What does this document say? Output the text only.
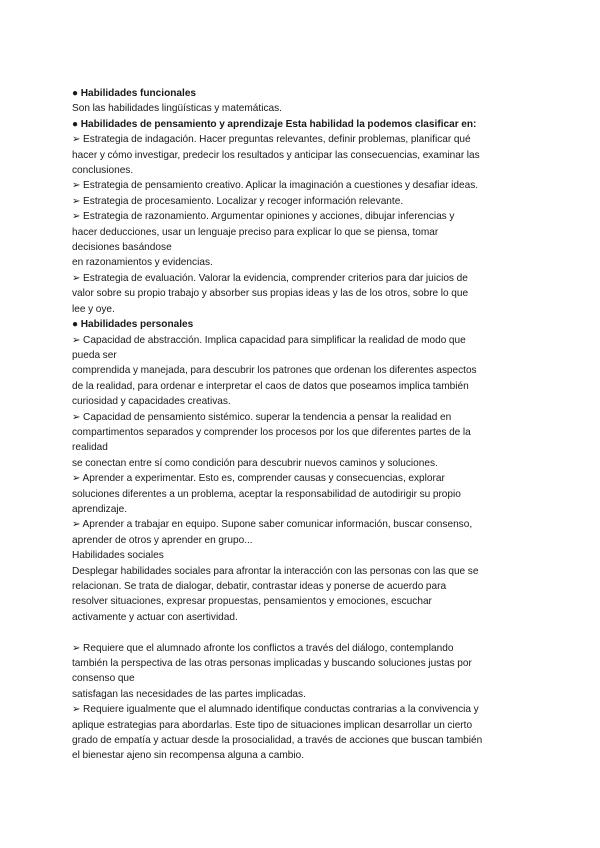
● Habilidades funcionales
Son las habilidades lingüísticas y matemáticas.
● Habilidades de pensamiento y aprendizaje Esta habilidad la podemos clasificar en:
➢ Estrategia de indagación. Hacer preguntas relevantes, definir problemas, planificar qué
hacer y cómo investigar, predecir los resultados y anticipar las consecuencias, examinar las
conclusiones.
➢ Estrategia de pensamiento creativo. Aplicar la imaginación a cuestiones y desafiar ideas.
➢ Estrategia de procesamiento. Localizar y recoger información relevante.
➢ Estrategia de razonamiento. Argumentar opiniones y acciones, dibujar inferencias y
hacer deducciones, usar un lenguaje preciso para explicar lo que se piensa, tomar
decisiones basándose
en razonamientos y evidencias.
➢ Estrategia de evaluación. Valorar la evidencia, comprender criterios para dar juicios de
valor sobre su propio trabajo y absorber sus propias ideas y las de los otros, sobre lo que
lee y oye.
● Habilidades personales
➢ Capacidad de abstracción. Implica capacidad para simplificar la realidad de modo que
pueda ser
comprendida y manejada, para descubrir los patrones que ordenan los diferentes aspectos
de la realidad, para ordenar e interpretar el caos de datos que poseamos implica también
curiosidad y capacidades creativas.
➢ Capacidad de pensamiento sistémico. superar la tendencia a pensar la realidad en
compartimentos separados y comprender los procesos por los que diferentes partes de la
realidad
se conectan entre sí como condición para descubrir nuevos caminos y soluciones.
➢ Aprender a experimentar. Esto es, comprender causas y consecuencias, explorar
soluciones diferentes a un problema, aceptar la responsabilidad de autodirigir su propio
aprendizaje.
➢ Aprender a trabajar en equipo. Supone saber comunicar información, buscar consenso,
aprender de otros y aprender en grupo...
Habilidades sociales
Desplegar habilidades sociales para afrontar la interacción con las personas con las que se
relacionan. Se trata de dialogar, debatir, contrastar ideas y ponerse de acuerdo para
resolver situaciones, expresar propuestas, pensamientos y emociones, escuchar
activamente y actuar con asertividad.
➢ Requiere que el alumnado afronte los conflictos a través del diálogo, contemplando
también la perspectiva de las otras personas implicadas y buscando soluciones justas por
consenso que
satisfagan las necesidades de las partes implicadas.
➢ Requiere igualmente que el alumnado identifique conductas contrarias a la convivencia y
aplique estrategias para abordarlas. Este tipo de situaciones implican desarrollar un cierto
grado de empatía y actuar desde la prosocialidad, a través de acciones que buscan también
el bienestar ajeno sin recompensa alguna a cambio.
